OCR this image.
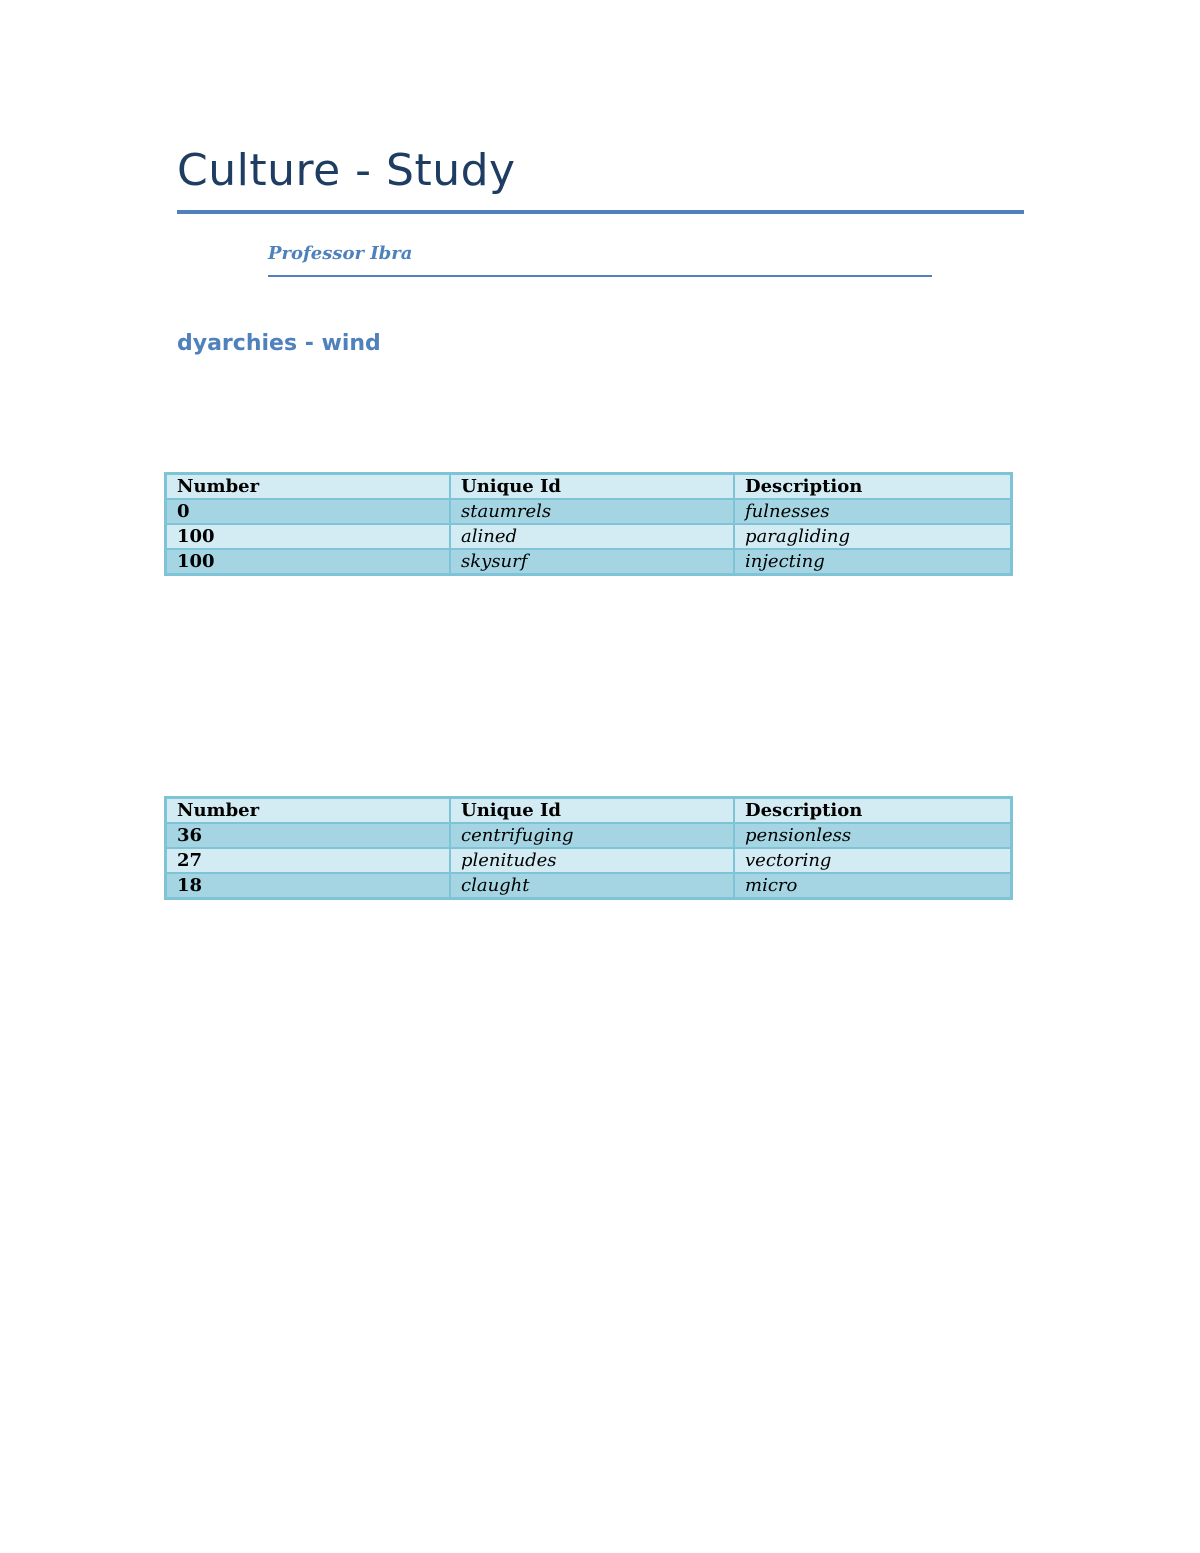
Culture - Study
Professor Ibra
dyarchies - wind
Number	Unique Id	Description
0	staumrels	fulnesses
100	alined	paragliding
100	skysurf	injecting
Number	Unique Id	Description
36	centrifuging	pensionless
27	plenitudes	vectoring
18	claught	micro
